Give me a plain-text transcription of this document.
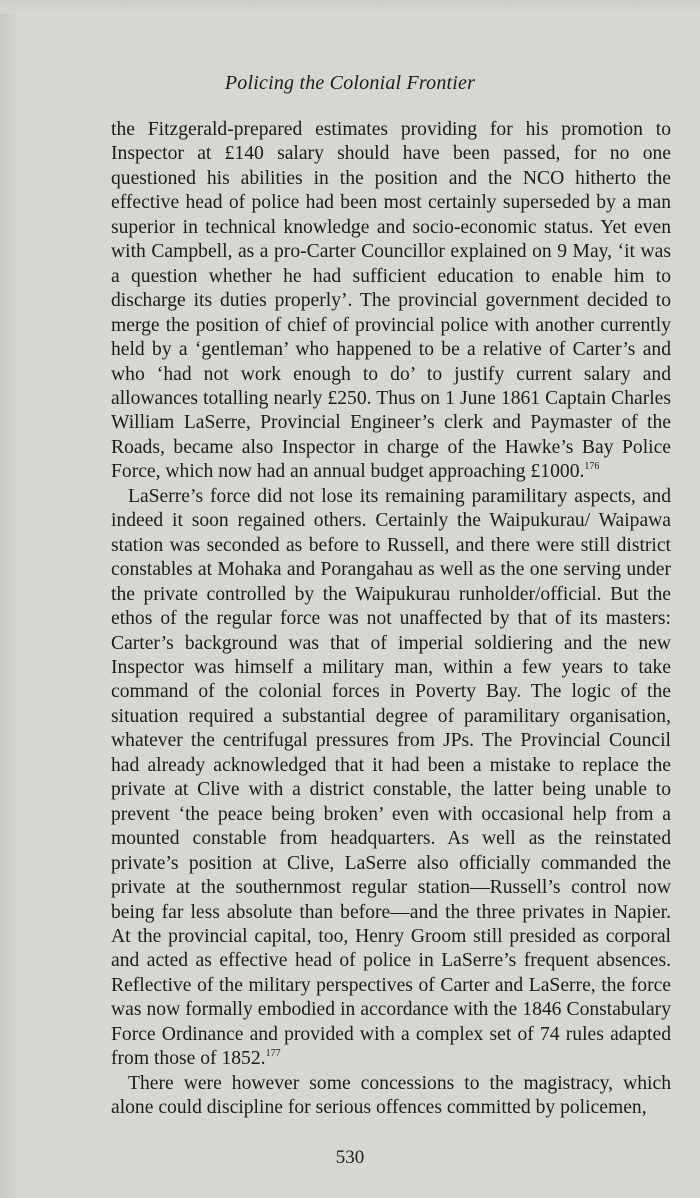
Policing the Colonial Frontier

the Fitzgerald-prepared estimates providing for his promotion to Inspector at £140 salary should have been passed, for no one questioned his abilities in the position and the NCO hitherto the effective head of police had been most certainly superseded by a man superior in technical knowledge and socio-economic status. Yet even with Campbell, as a pro-Carter Councillor explained on 9 May, ‘it was a question whether he had sufficient education to enable him to discharge its duties properly’. The provincial government decided to merge the position of chief of provincial police with another currently held by a ‘gentleman’ who happened to be a relative of Carter’s and who ‘had not work enough to do’ to justify current salary and allowances totalling nearly £250. Thus on 1 June 1861 Captain Charles William LaSerre, Provincial Engineer’s clerk and Paymaster of the Roads, became also Inspector in charge of the Hawke’s Bay Police Force, which now had an annual budget approaching £1000.$^{176}$

LaSerre’s force did not lose its remaining paramilitary aspects, and indeed it soon regained others. Certainly the Waipukurau/ Waipawa station was seconded as before to Russell, and there were still district constables at Mohaka and Porangahau as well as the one serving under the private controlled by the Waipukurau runholder/official. But the ethos of the regular force was not unaffected by that of its masters: Carter’s background was that of imperial soldiering and the new Inspector was himself a military man, within a few years to take command of the colonial forces in Poverty Bay. The logic of the situation required a substantial degree of paramilitary organisation, whatever the centrifugal pressures from JPs. The Provincial Council had already acknowledged that it had been a mistake to replace the private at Clive with a district constable, the latter being unable to prevent ‘the peace being broken’ even with occasional help from a mounted constable from headquarters. As well as the reinstated private’s position at Clive, LaSerre also officially commanded the private at the southernmost regular station—Russell’s control now being far less absolute than before—and the three privates in Napier. At the provincial capital, too, Henry Groom still presided as corporal and acted as effective head of police in LaSerre’s frequent absences. Reflective of the military perspectives of Carter and LaSerre, the force was now formally embodied in accordance with the 1846 Constabulary Force Ordinance and provided with a complex set of 74 rules adapted from those of 1852.$^{177}$

There were however some concessions to the magistracy, which alone could discipline for serious offences committed by policemen,

530
